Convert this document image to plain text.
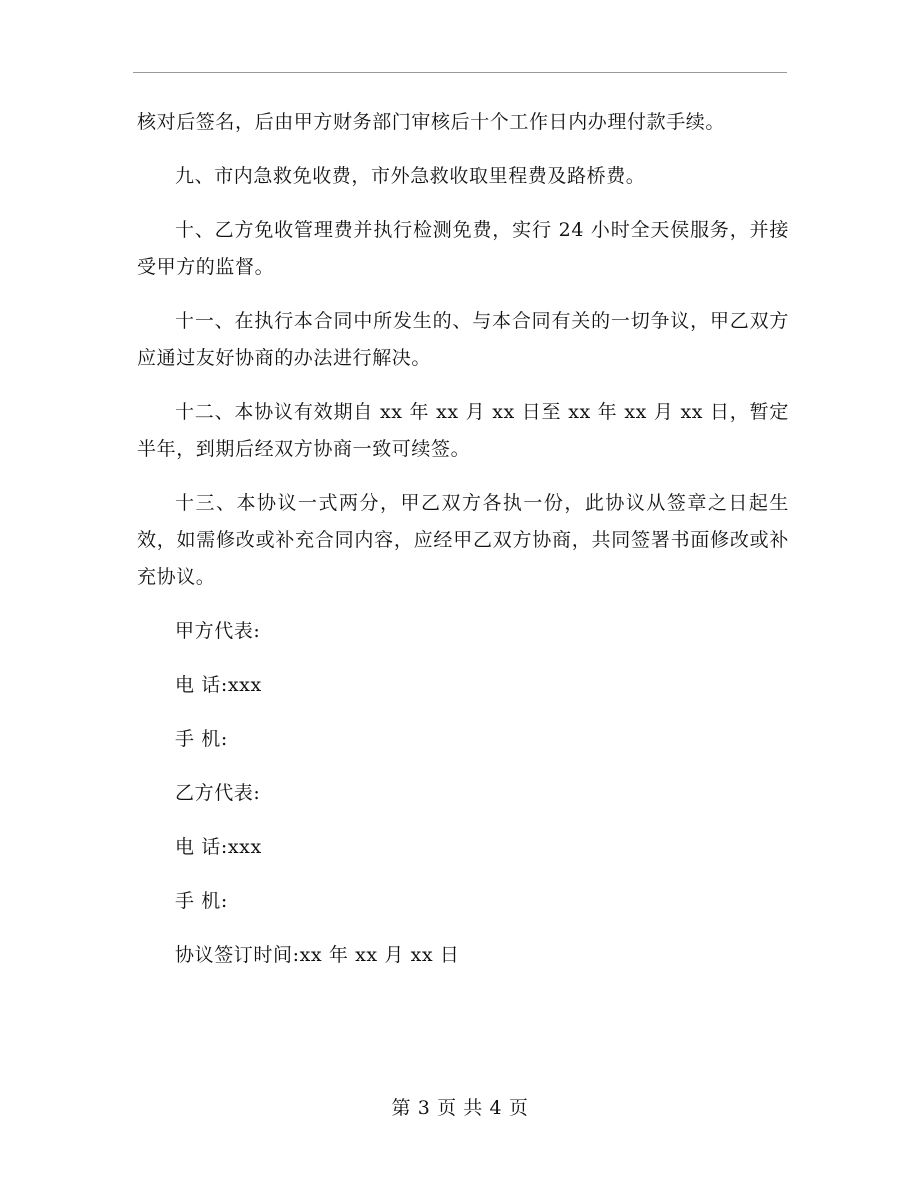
核对后签名，后由甲方财务部门审核后十个工作日内办理付款手续。

九、市内急救免收费，市外急救收取里程费及路桥费。

十、乙方免收管理费并执行检测免费，实行 24 小时全天侯服务，并接受甲方的监督。

十一、在执行本合同中所发生的、与本合同有关的一切争议，甲乙双方应通过友好协商的办法进行解决。

十二、本协议有效期自 xx 年 xx 月 xx 日至 xx 年 xx 月 xx 日，暂定半年，到期后经双方协商一致可续签。

十三、本协议一式两分，甲乙双方各执一份，此协议从签章之日起生效，如需修改或补充合同内容，应经甲乙双方协商，共同签署书面修改或补充协议。

甲方代表:
电 话:xxx
手 机:
乙方代表:
电 话:xxx
手 机:
协议签订时间:xx 年 xx 月 xx 日
第 3 页 共 4 页
